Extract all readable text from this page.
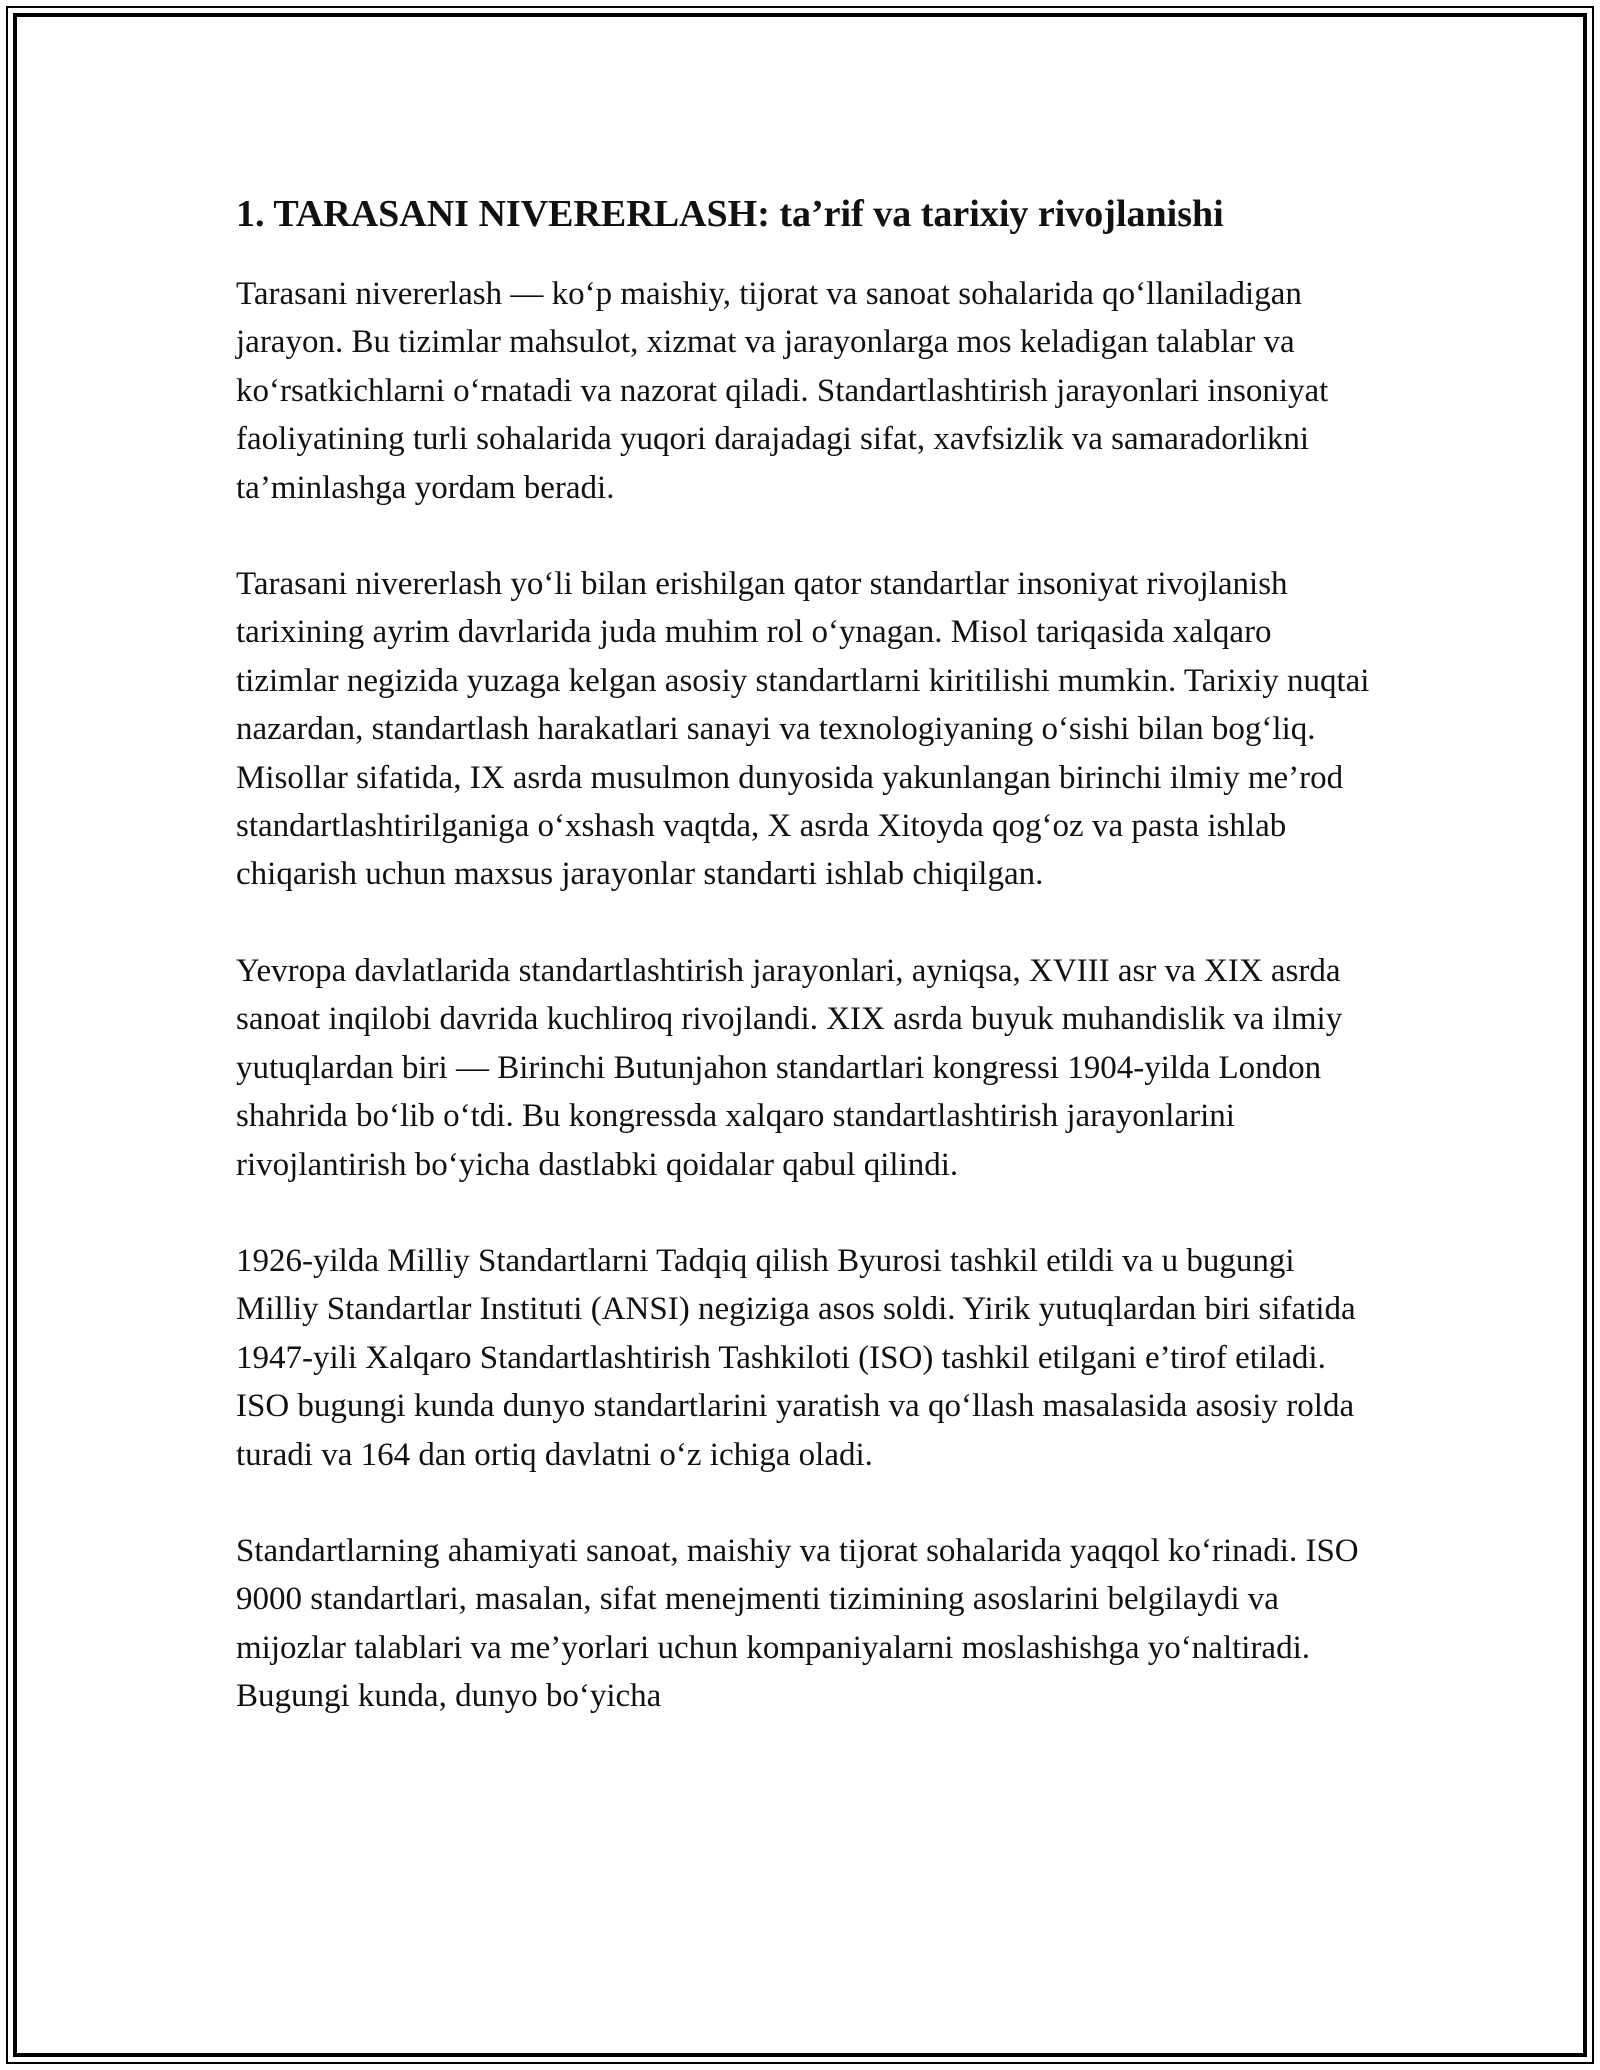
1. TARASANI NIVERERLASH: ta’rif va tarixiy rivojlanishi

Tarasani nivererlash — ko‘p maishiy, tijorat va sanoat sohalarida qo‘llaniladigan jarayon. Bu tizimlar mahsulot, xizmat va jarayonlarga mos keladigan talablar va ko‘rsatkichlarni o‘rnatadi va nazorat qiladi. Standartlashtirish jarayonlari insoniyat faoliyatining turli sohalarida yuqori darajadagi sifat, xavfsizlik va samaradorlikni ta’minlashga yordam beradi.

Tarasani nivererlash yo‘li bilan erishilgan qator standartlar insoniyat rivojlanish tarixining ayrim davrlarida juda muhim rol o‘ynagan. Misol tariqasida xalqaro tizimlar negizida yuzaga kelgan asosiy standartlarni kiritilishi mumkin. Tarixiy nuqtai nazardan, standartlash harakatlari sanayi va texnologiyaning o‘sishi bilan bog‘liq. Misollar sifatida, IX asrda musulmon dunyosida yakunlangan birinchi ilmiy me’rod standartlashtirilganiga o‘xshash vaqtda, X asrda Xitoyda qog‘oz va pasta ishlab chiqarish uchun maxsus jarayonlar standarti ishlab chiqilgan.

Yevropa davlatlarida standartlashtirish jarayonlari, ayniqsa, XVIII asr va XIX asrda sanoat inqilobi davrida kuchliroq rivojlandi. XIX asrda buyuk muhandislik va ilmiy yutuqlardan biri — Birinchi Butunjahon standartlari kongressi 1904-yilda London shahrida bo‘lib o‘tdi. Bu kongressda xalqaro standartlashtirish jarayonlarini rivojlantirish bo‘yicha dastlabki qoidalar qabul qilindi.

1926-yilda Milliy Standartlarni Tadqiq qilish Byurosi tashkil etildi va u bugungi Milliy Standartlar Instituti (ANSI) negiziga asos soldi. Yirik yutuqlardan biri sifatida 1947-yili Xalqaro Standartlashtirish Tashkiloti (ISO) tashkil etilgani e’tirof etiladi. ISO bugungi kunda dunyo standartlarini yaratish va qo‘llash masalasida asosiy rolda turadi va 164 dan ortiq davlatni o‘z ichiga oladi.

Standartlarning ahamiyati sanoat, maishiy va tijorat sohalarida yaqqol ko‘rinadi. ISO 9000 standartlari, masalan, sifat menejmenti tizimining asoslarini belgilaydi va mijozlar talablari va me’yorlari uchun kompaniyalarni moslashishga yo‘naltiradi. Bugungi kunda, dunyo bo‘yicha
